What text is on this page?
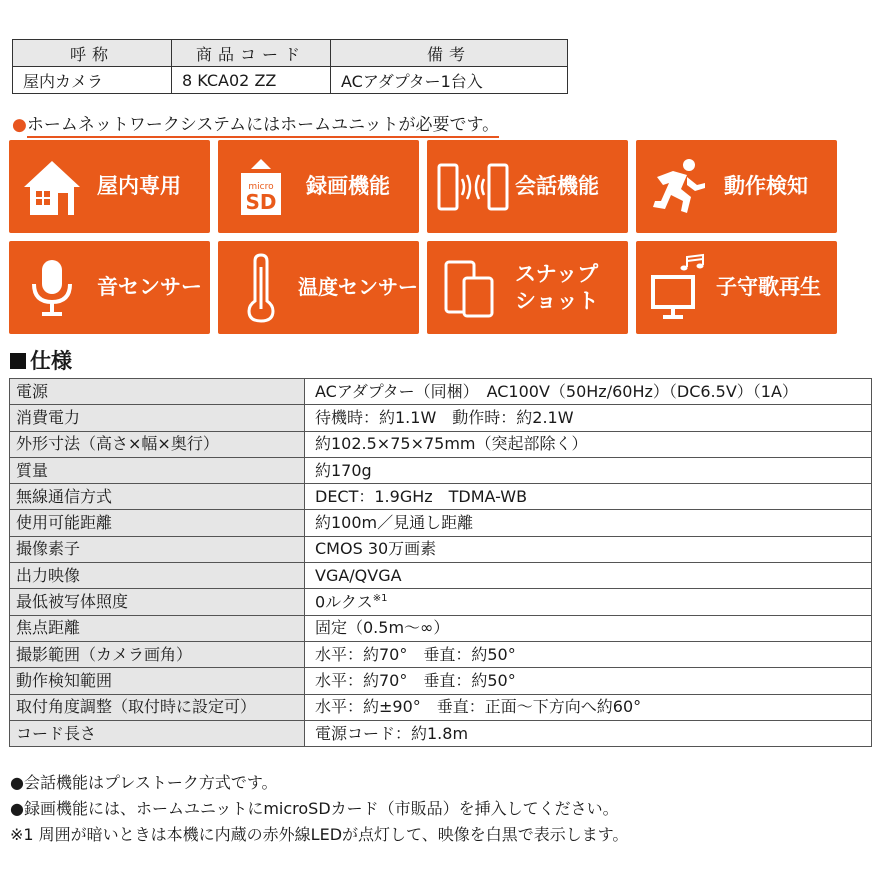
呼称	商品コード	備考
屋内カメラ	8 KCA02 ZZ	ACアダプター1台入
●ホームネットワークシステムにはホームユニットが必要です。
屋内専用	micro
SD
録画機能	会話機能	動作検知
音センサー	温度センサー
スナップ
ショット
子守歌再生
仕様
電源	ACアダプター（同梱）　AC100V（50Hz/60Hz）（DC6.5V）（1A）
消費電力	待機時：約1.1W　動作時：約2.1W
外形寸法（高さ×幅×奥行）	約102.5×75×75mm（突起部除く）
質量	約170g
無線通信方式	DECT：1.9GHz　TDMA-WB
使用可能距離	約100m／見通し距離
撮像素子	CMOS 30万画素
出力映像	VGA/QVGA
最低被写体照度	0ルクス$^{※1}$
焦点距離	固定（0.5m〜∞）
撮影範囲（カメラ画角）	水平：約70°　垂直：約50°
動作検知範囲	水平：約70°　垂直：約50°
取付角度調整（取付時に設定可）	水平：約±90°　垂直：正面〜下方向へ約60°
コード長さ	電源コード：約1.8m
●会話機能はプレストーク方式です。
●録画機能には、ホームユニットにmicroSDカード（市販品）を挿入してください。
※1 周囲が暗いときは本機に内蔵の赤外線LEDが点灯して、映像を白黒で表示します。
